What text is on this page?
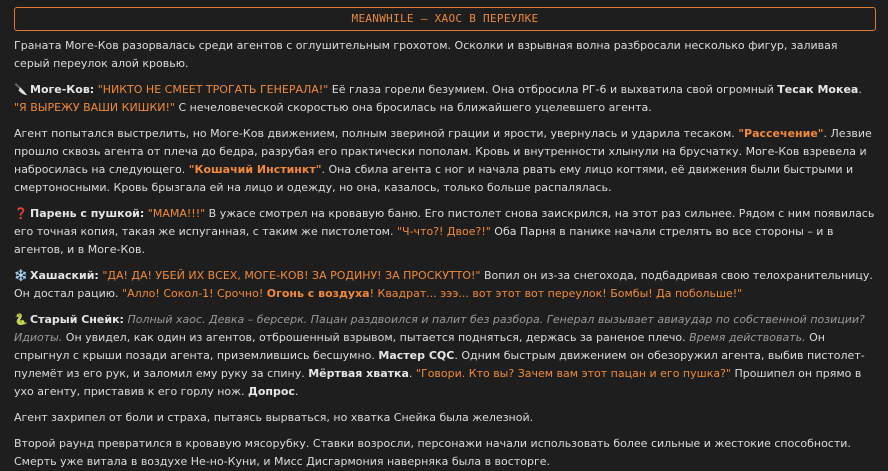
MEANWHILE – ХАОС В ПЕРЕУЛКЕ

Граната Моге-Ков разорвалась среди агентов с оглушительным грохотом. Осколки и взрывная волна разбросали несколько фигур, заливая серый переулок алой кровью.

🔪 Моге-Ков: "НИКТО НЕ СМЕЕТ ТРОГАТЬ ГЕНЕРАЛА!" Её глаза горели безумием. Она отбросила РГ-6 и выхватила свой огромный Тесак Мокеа. "Я ВЫРЕЖУ ВАШИ КИШКИ!" С нечеловеческой скоростью она бросилась на ближайшего уцелевшего агента.

Агент попытался выстрелить, но Моге-Ков движением, полным звериной грации и ярости, увернулась и ударила тесаком. "Рассечение". Лезвие прошло сквозь агента от плеча до бедра, разрубая его практически пополам. Кровь и внутренности хлынули на брусчатку. Моге-Ков взревела и набросилась на следующего. "Кошачий Инстинкт". Она сбила агента с ног и начала рвать ему лицо когтями, её движения были быстрыми и смертоносными. Кровь брызгала ей на лицо и одежду, но она, казалось, только больше распалялась.

❓ Парень с пушкой: "МАМА!!!" В ужасе смотрел на кровавую баню. Его пистолет снова заискрился, на этот раз сильнее. Рядом с ним появилась его точная копия, такая же испуганная, с таким же пистолетом. "Ч-что?! Двое?!" Оба Парня в панике начали стрелять во все стороны – и в агентов, и в Моге-Ков.

❄️ Хашаский: "ДА! ДА! УБЕЙ ИХ ВСЕХ, МОГЕ-КОВ! ЗА РОДИНУ! ЗА ПРОСКУТТО!" Вопил он из-за снегохода, подбадривая свою телохранительницу. Он достал рацию. "Алло! Сокол-1! Срочно! Огонь с воздуха! Квадрат... эээ... вот этот вот переулок! Бомбы! Да побольше!"

🐍 Старый Снейк: Полный хаос. Девка – берсерк. Пацан раздвоился и палит без разбора. Генерал вызывает авиаудар по собственной позиции? Идиоты. Он увидел, как один из агентов, отброшенный взрывом, пытается подняться, держась за раненое плечо. Время действовать. Он спрыгнул с крыши позади агента, приземлившись бесшумно. Мастер CQC. Одним быстрым движением он обезоружил агента, выбив пистолет-пулемёт из его рук, и заломил ему руку за спину. Мёртвая хватка. "Говори. Кто вы? Зачем вам этот пацан и его пушка?" Прошипел он прямо в ухо агенту, приставив к его горлу нож. Допрос.

Агент захрипел от боли и страха, пытаясь вырваться, но хватка Снейка была железной.

Второй раунд превратился в кровавую мясорубку. Ставки возросли, персонажи начали использовать более сильные и жестокие способности. Смерть уже витала в воздухе Не-но-Куни, и Мисс Дисгармония наверняка была в восторге.
